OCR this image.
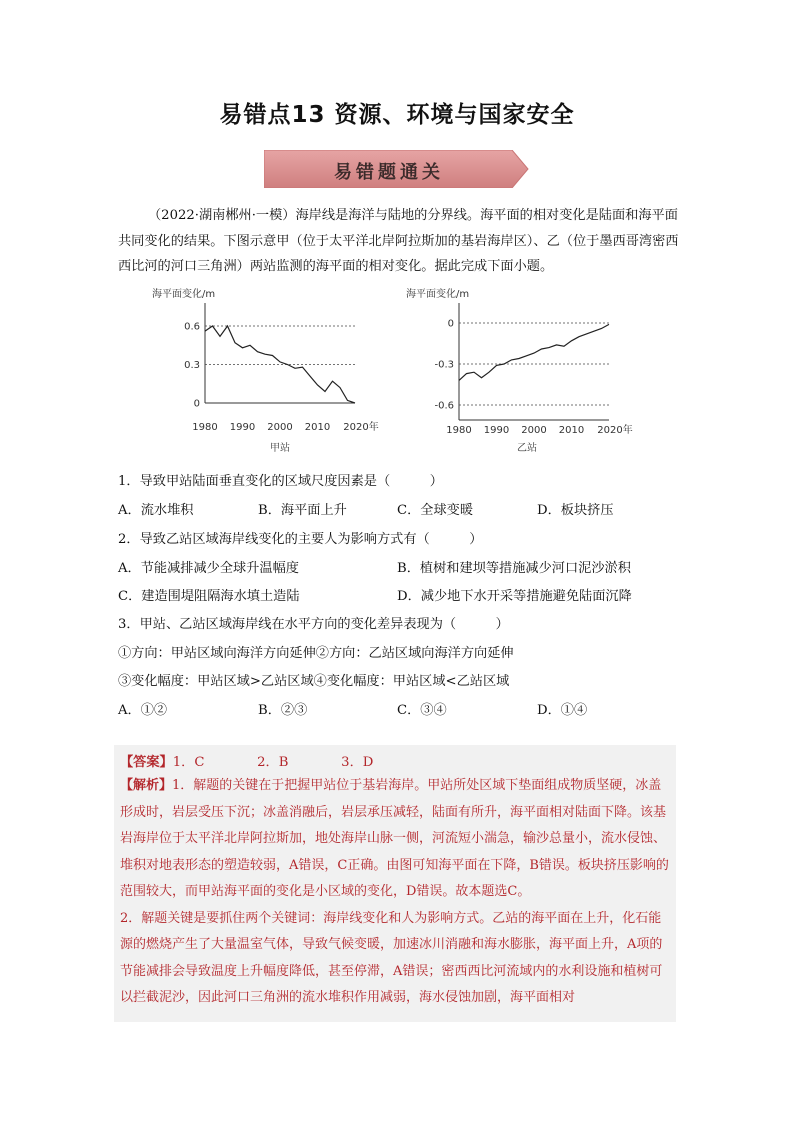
易错点13 资源、环境与国家安全
易错题通关

（2022·湖南郴州·一模）海岸线是海洋与陆地的分界线。海平面的相对变化是陆面和海平面共同变化的结果。下图示意甲（位于太平洋北岸阿拉斯加的基岩海岸区）、乙（位于墨西哥湾密西西比河的河口三角洲）两站监测的海平面的相对变化。据此完成下面小题。

海平面变化/m
0.6
0.3
0
1980 1990 2000 2010 2020年
甲站
海平面变化/m
0
-0.3
-0.6
1980 1990 2000 2010 2020年
乙站
1．导致甲站陆面垂直变化的区域尺度因素是（　　　）
A．流水堆积	B．海平面上升	C．全球变暖	D．板块挤压
2．导致乙站区域海岸线变化的主要人为影响方式有（　　　）
A．节能减排减少全球升温幅度	B．植树和建坝等措施减少河口泥沙淤积
C．建造围堤阻隔海水填土造陆	D．减少地下水开采等措施避免陆面沉降
3．甲站、乙站区域海岸线在水平方向的变化差异表现为（　　　）
①方向：甲站区域向海洋方向延伸②方向：乙站区域向海洋方向延伸
③变化幅度：甲站区域>乙站区域④变化幅度：甲站区域<乙站区域
A．①②	B．②③	C．③④	D．①④
【答案】1．C　　　　2．B　　　　3．D

【解析】1．解题的关键在于把握甲站位于基岩海岸。甲站所处区域下垫面组成物质坚硬，冰盖形成时，岩层受压下沉；冰盖消融后，岩层承压减轻，陆面有所升，海平面相对陆面下降。该基岩海岸位于太平洋北岸阿拉斯加，地处海岸山脉一侧，河流短小湍急，输沙总量小，流水侵蚀、堆积对地表形态的塑造较弱，A错误，C正确。由图可知海平面在下降，B错误。板块挤压影响的范围较大，而甲站海平面的变化是小区域的变化，D错误。故本题选C。

2．解题关键是要抓住两个关键词：海岸线变化和人为影响方式。乙站的海平面在上升，化石能源的燃烧产生了大量温室气体，导致气候变暖，加速冰川消融和海水膨胀，海平面上升，A项的节能减排会导致温度上升幅度降低，甚至停滞，A错误；密西西比河流域内的水利设施和植树可以拦截泥沙，因此河口三角洲的流水堆积作用减弱，海水侵蚀加剧，海平面相对
